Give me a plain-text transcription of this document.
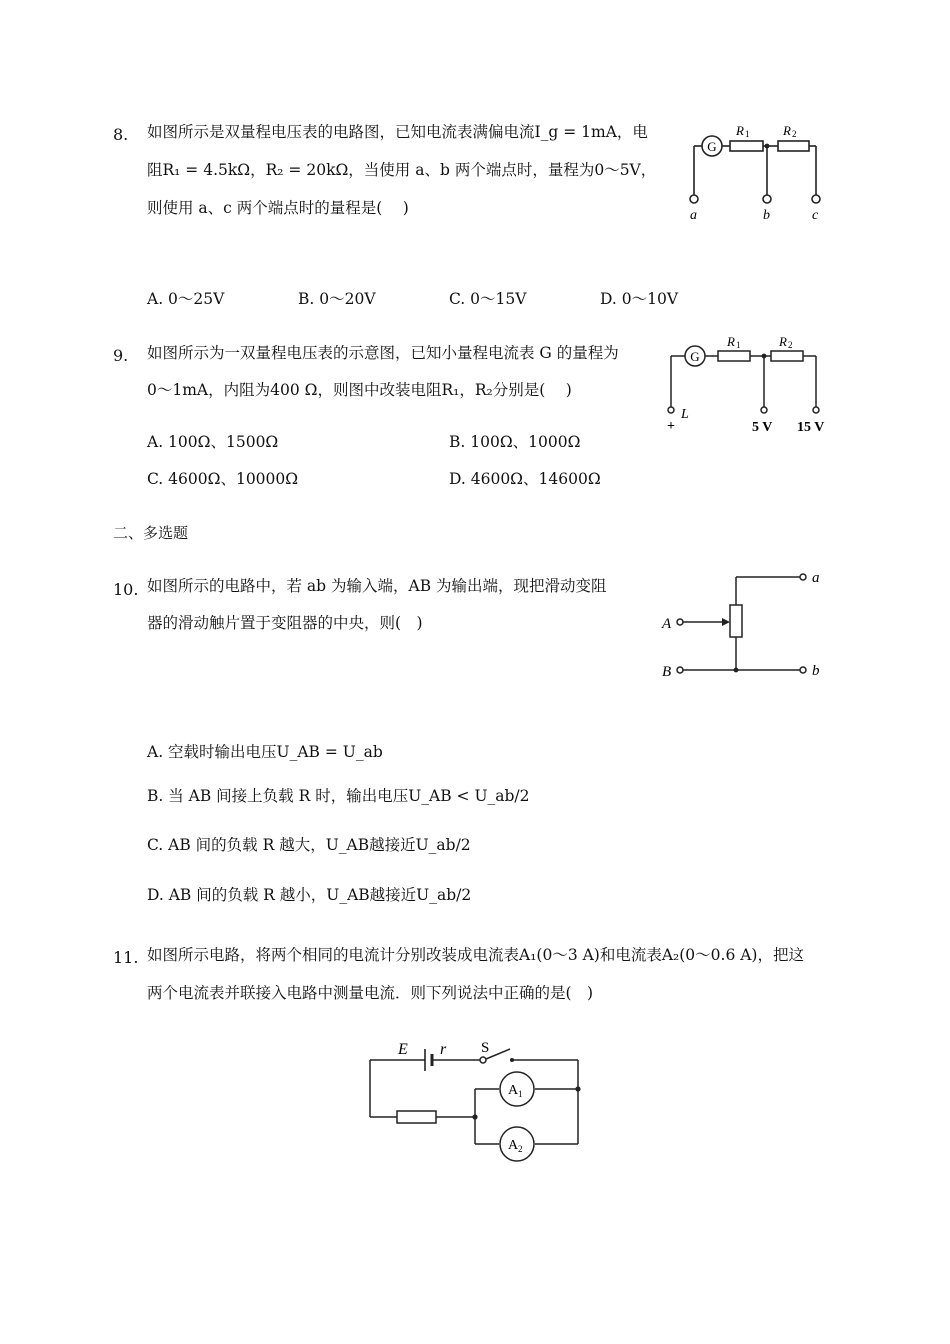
8. 如图所示是双量程电压表的电路图，已知电流表满偏电流I_g = 1mA，电
阻R₁ = 4.5kΩ，R₂ = 20kΩ，当使用 a、b 两个端点时，量程为0～5V，
则使用 a、c 两个端点时的量程是(　 )
G
R 1	R 2
a	b	c
A. 0～25V	B. 0～20V	C. 0～15V	D. 0～10V
9. 如图所示为一双量程电压表的示意图，已知小量程电流表 G 的量程为
0～1mA，内阻为400 Ω，则图中改装电阻R₁，R₂分别是(　 )
G
R 1	R 2
L
+	5 V 15 V
A. 100Ω、1500Ω	B. 100Ω、1000Ω
C. 4600Ω、10000Ω	D. 4600Ω、14600Ω
二、多选题
10. 如图所示的电路中，若 ab 为输入端，AB 为输出端，现把滑动变阻
器的滑动触片置于变阻器的中央，则(　)
a
b
A
B
A. 空载时输出电压U_AB = U_ab
B. 当 AB 间接上负载 R 时，输出电压U_AB < U_ab/2
C. AB 间的负载 R 越大，U_AB越接近U_ab/2
D. AB 间的负载 R 越小，U_AB越接近U_ab/2
11. 如图所示电路，将两个相同的电流计分别改装成电流表A₁(0～3 A)和电流表A₂(0～0.6 A)，把这
两个电流表并联接入电路中测量电流．则下列说法中正确的是(　)
E r S
A 1
A 2
